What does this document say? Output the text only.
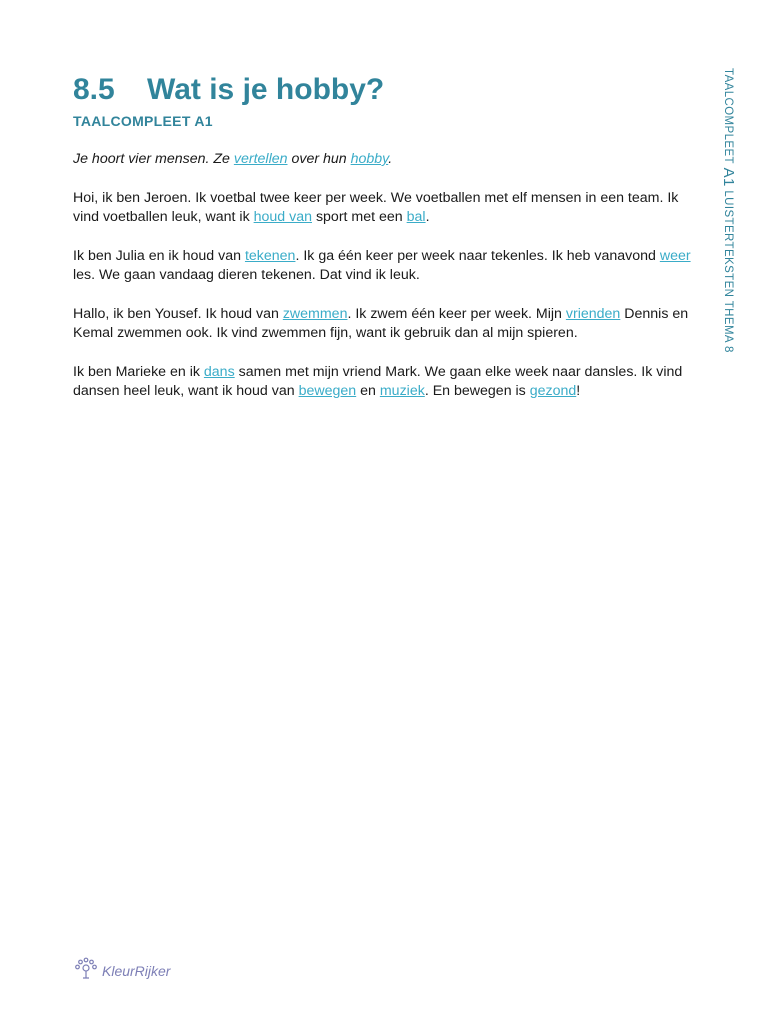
8.5	Wat is je hobby?
TAALCOMPLEET A1	TAALCOMPLEET A1 LUISTERTEKSTEN THEMA 8

Je hoort vier mensen. Ze vertellen over hun hobby.

Hoi, ik ben Jeroen. Ik voetbal twee keer per week. We voetballen met elf mensen in een team. Ik vind voetballen leuk, want ik houd van sport met een bal.

Ik ben Julia en ik houd van tekenen. Ik ga één keer per week naar tekenles. Ik heb vanavond weer les. We gaan vandaag dieren tekenen. Dat vind ik leuk.

Hallo, ik ben Yousef. Ik houd van zwemmen. Ik zwem één keer per week. Mijn vrienden Dennis en Kemal zwemmen ook. Ik vind zwemmen fijn, want ik gebruik dan al mijn spieren.

Ik ben Marieke en ik dans samen met mijn vriend Mark. We gaan elke week naar dansles. Ik vind dansen heel leuk, want ik houd van bewegen en muziek. En bewegen is gezond!

KleurRijker
